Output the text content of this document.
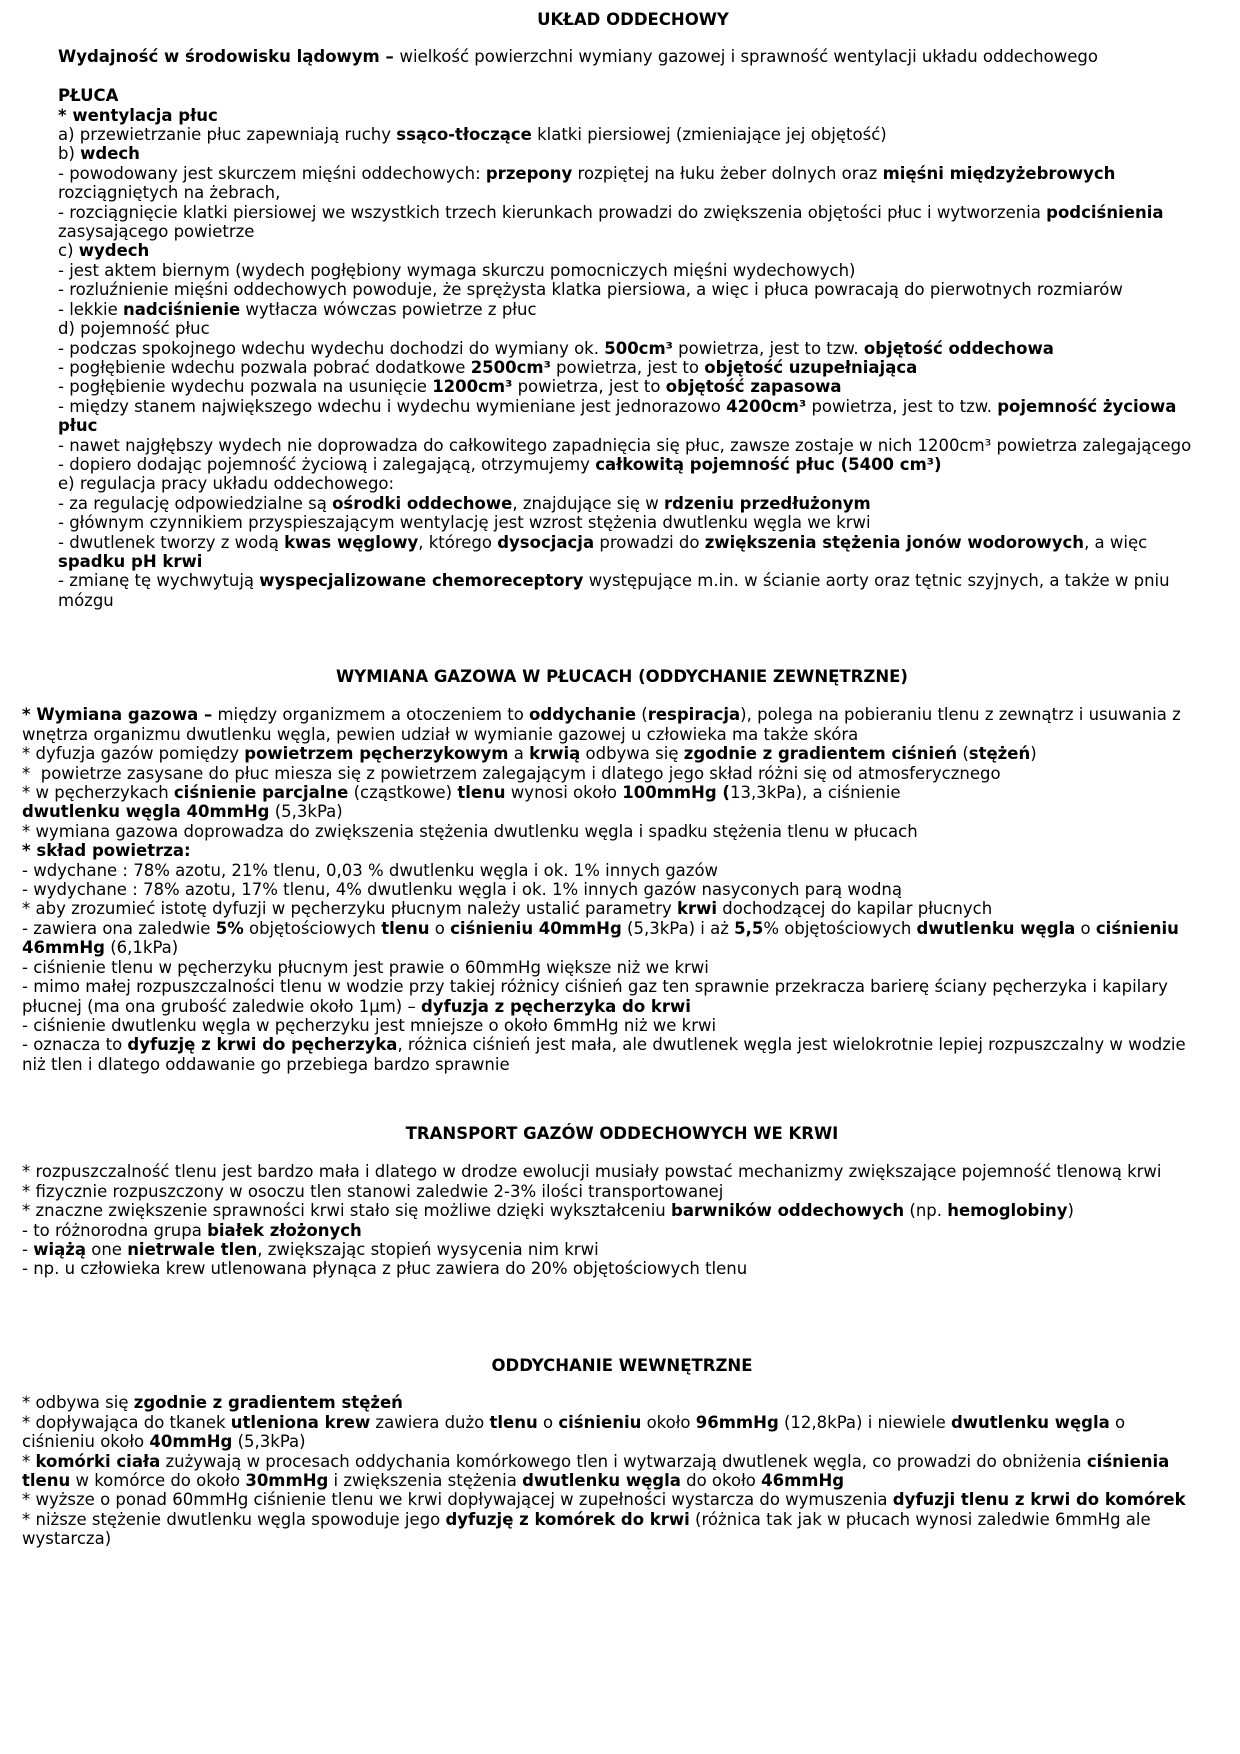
UKŁAD ODDECHOWY
Wydajność w środowisku lądowym – wielkość powierzchni wymiany gazowej i sprawność wentylacji układu oddechowego

PŁUCA
* wentylacja płuc
a) przewietrzanie płuc zapewniają ruchy ssąco-tłoczące klatki piersiowej (zmieniające jej objętość)
b) wdech
- powodowany jest skurczem mięśni oddechowych: przepony rozpiętej na łuku żeber dolnych oraz mięśni międzyżebrowych
rozciągniętych na żebrach,
- rozciągnięcie klatki piersiowej we wszystkich trzech kierunkach prowadzi do zwiększenia objętości płuc i wytworzenia podciśnienia
zasysającego powietrze
c) wydech
- jest aktem biernym (wydech pogłębiony wymaga skurczu pomocniczych mięśni wydechowych)
- rozluźnienie mięśni oddechowych powoduje, że sprężysta klatka piersiowa, a więc i płuca powracają do pierwotnych rozmiarów
- lekkie nadciśnienie wytłacza wówczas powietrze z płuc
d) pojemność płuc
- podczas spokojnego wdechu wydechu dochodzi do wymiany ok. 500cm³ powietrza, jest to tzw. objętość oddechowa
- pogłębienie wdechu pozwala pobrać dodatkowe 2500cm³ powietrza, jest to objętość uzupełniająca
- pogłębienie wydechu pozwala na usunięcie 1200cm³ powietrza, jest to objętość zapasowa
- między stanem największego wdechu i wydechu wymieniane jest jednorazowo 4200cm³ powietrza, jest to tzw. pojemność życiowa
płuc
- nawet najgłębszy wydech nie doprowadza do całkowitego zapadnięcia się płuc, zawsze zostaje w nich 1200cm³ powietrza zalegającego
- dopiero dodając pojemność życiową i zalegającą, otrzymujemy całkowitą pojemność płuc (5400 cm³)
e) regulacja pracy układu oddechowego:
- za regulację odpowiedzialne są ośrodki oddechowe, znajdujące się w rdzeniu przedłużonym
- głównym czynnikiem przyspieszającym wentylację jest wzrost stężenia dwutlenku węgla we krwi
- dwutlenek tworzy z wodą kwas węglowy, którego dysocjacja prowadzi do zwiększenia stężenia jonów wodorowych, a więc
spadku pH krwi
- zmianę tę wychwytują wyspecjalizowane chemoreceptory występujące m.in. w ścianie aorty oraz tętnic szyjnych, a także w pniu
mózgu
WYMIANA GAZOWA W PŁUCACH (ODDYCHANIE ZEWNĘTRZNE)
* Wymiana gazowa – między organizmem a otoczeniem to oddychanie (respiracja), polega na pobieraniu tlenu z zewnątrz i usuwania z
wnętrza organizmu dwutlenku węgla, pewien udział w wymianie gazowej u człowieka ma także skóra
* dyfuzja gazów pomiędzy powietrzem pęcherzykowym a krwią odbywa się zgodnie z gradientem ciśnień (stężeń)
*  powietrze zasysane do płuc miesza się z powietrzem zalegającym i dlatego jego skład różni się od atmosferycznego
* w pęcherzykach ciśnienie parcjalne (cząstkowe) tlenu wynosi około 100mmHg (13,3kPa), a ciśnienie
dwutlenku węgla 40mmHg (5,3kPa)
* wymiana gazowa doprowadza do zwiększenia stężenia dwutlenku węgla i spadku stężenia tlenu w płucach
* skład powietrza:
- wdychane : 78% azotu, 21% tlenu, 0,03 % dwutlenku węgla i ok. 1% innych gazów
- wydychane : 78% azotu, 17% tlenu, 4% dwutlenku węgla i ok. 1% innych gazów nasyconych parą wodną
* aby zrozumieć istotę dyfuzji w pęcherzyku płucnym należy ustalić parametry krwi dochodzącej do kapilar płucnych
- zawiera ona zaledwie 5% objętościowych tlenu o ciśnieniu 40mmHg (5,3kPa) i aż 5,5% objętościowych dwutlenku węgla o ciśnieniu
46mmHg (6,1kPa)
- ciśnienie tlenu w pęcherzyku płucnym jest prawie o 60mmHg większe niż we krwi
- mimo małej rozpuszczalności tlenu w wodzie przy takiej różnicy ciśnień gaz ten sprawnie przekracza barierę ściany pęcherzyka i kapilary
płucnej (ma ona grubość zaledwie około 1µm) – dyfuzja z pęcherzyka do krwi
- ciśnienie dwutlenku węgla w pęcherzyku jest mniejsze o około 6mmHg niż we krwi
- oznacza to dyfuzję z krwi do pęcherzyka, różnica ciśnień jest mała, ale dwutlenek węgla jest wielokrotnie lepiej rozpuszczalny w wodzie
niż tlen i dlatego oddawanie go przebiega bardzo sprawnie
TRANSPORT GAZÓW ODDECHOWYCH WE KRWI
* rozpuszczalność tlenu jest bardzo mała i dlatego w drodze ewolucji musiały powstać mechanizmy zwiększające pojemność tlenową krwi
* fizycznie rozpuszczony w osoczu tlen stanowi zaledwie 2-3% ilości transportowanej
* znaczne zwiększenie sprawności krwi stało się możliwe dzięki wykształceniu barwników oddechowych (np. hemoglobiny)
- to różnorodna grupa białek złożonych
- wiążą one nietrwale tlen, zwiększając stopień wysycenia nim krwi
- np. u człowieka krew utlenowana płynąca z płuc zawiera do 20% objętościowych tlenu
ODDYCHANIE WEWNĘTRZNE
* odbywa się zgodnie z gradientem stężeń
* dopływająca do tkanek utleniona krew zawiera dużo tlenu o ciśnieniu około 96mmHg (12,8kPa) i niewiele dwutlenku węgla o
ciśnieniu około 40mmHg (5,3kPa)
* komórki ciała zużywają w procesach oddychania komórkowego tlen i wytwarzają dwutlenek węgla, co prowadzi do obniżenia ciśnienia
tlenu w komórce do około 30mmHg i zwiększenia stężenia dwutlenku węgla do około 46mmHg
* wyższe o ponad 60mmHg ciśnienie tlenu we krwi dopływającej w zupełności wystarcza do wymuszenia dyfuzji tlenu z krwi do komórek
* niższe stężenie dwutlenku węgla spowoduje jego dyfuzję z komórek do krwi (różnica tak jak w płucach wynosi zaledwie 6mmHg ale
wystarcza)
